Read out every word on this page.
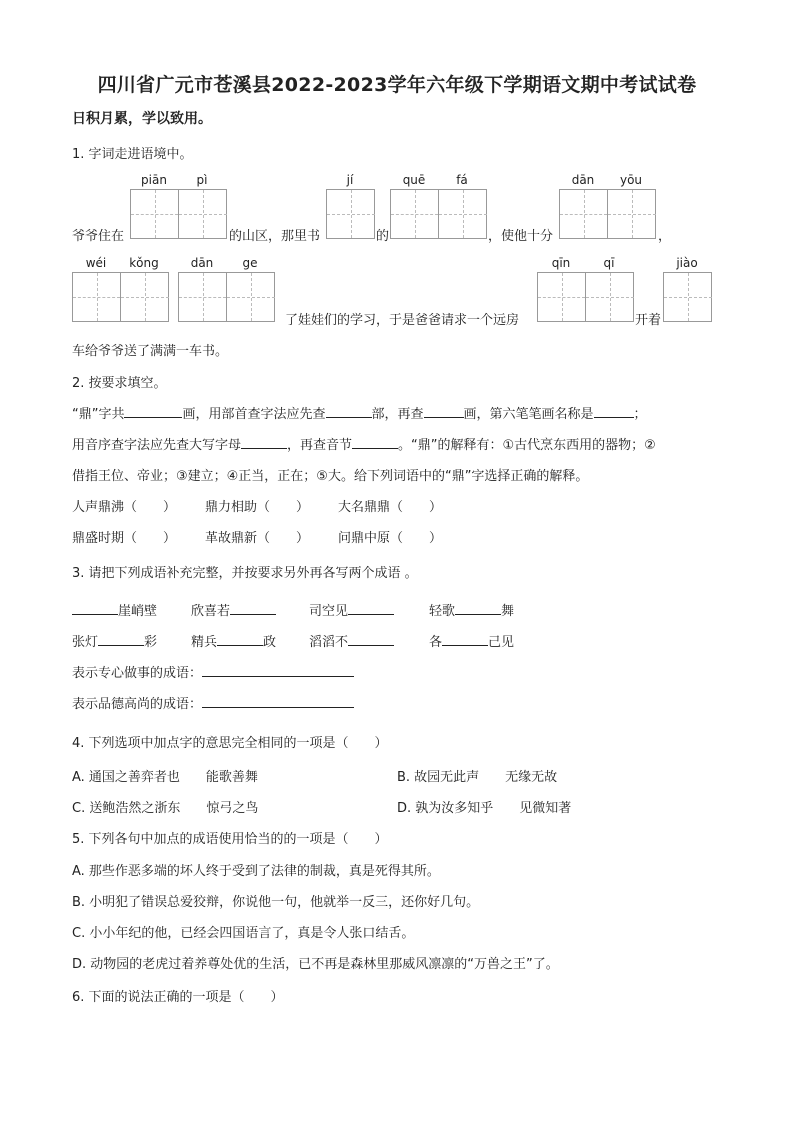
四川省广元市苍溪县2022-2023学年六年级下学期语文期中考试试卷
日积月累，学以致用。
1. 字词走进语境中。
piān	pì	jí	quē	fá	dān	yōu
爷爷住在	的山区，那里书	的	，使他十分	，
wéi	kǒng	dān	ge	qīn	qī	jiào
了娃娃们的学习，于是爸爸请求一个远房	开着
车给爷爷送了满满一车书。
2. 按要求填空。
“鼎”字共	画，用部首查字法应先查	部，再查	画，第六笔笔画名称是	；
用音序查字法应先查大写字母	，再查音节	。“鼎”的解释有：①古代烹东西用的器物；②
借指王位、帝业；③建立；④正当，正在；⑤大。给下列词语中的“鼎”字选择正确的解释。
人声鼎沸（　　） 鼎力相助（　　） 大名鼎鼎（　　）
鼎盛时期（　　） 革故鼎新（　　） 问鼎中原（　　）
3. 请把下列成语补充完整，并按要求另外再各写两个成语 。
崖峭壁	欣喜若	司空见	轻歌	舞
张灯	彩	精兵	政	滔滔不	各	己见
表示专心做事的成语：
表示品德高尚的成语：
4. 下列选项中加点字的意思完全相同的一项是（　　）
A. 通国之善弈者也　　能歌善舞	B. 故园无此声　　无缘无故
C. 送鲍浩然之浙东　　惊弓之鸟	D. 孰为汝多知乎　　见微知著
5. 下列各句中加点的成语使用恰当的的一项是（　　）
A. 那些作恶多端的坏人终于受到了法律的制裁，真是死得其所。
B. 小明犯了错误总爱狡辩，你说他一句，他就举一反三，还你好几句。
C. 小小年纪的他，已经会四国语言了，真是令人张口结舌。
D. 动物园的老虎过着养尊处优的生活，已不再是森林里那威风凛凛的“万兽之王”了。
6. 下面的说法正确的一项是（　　）
